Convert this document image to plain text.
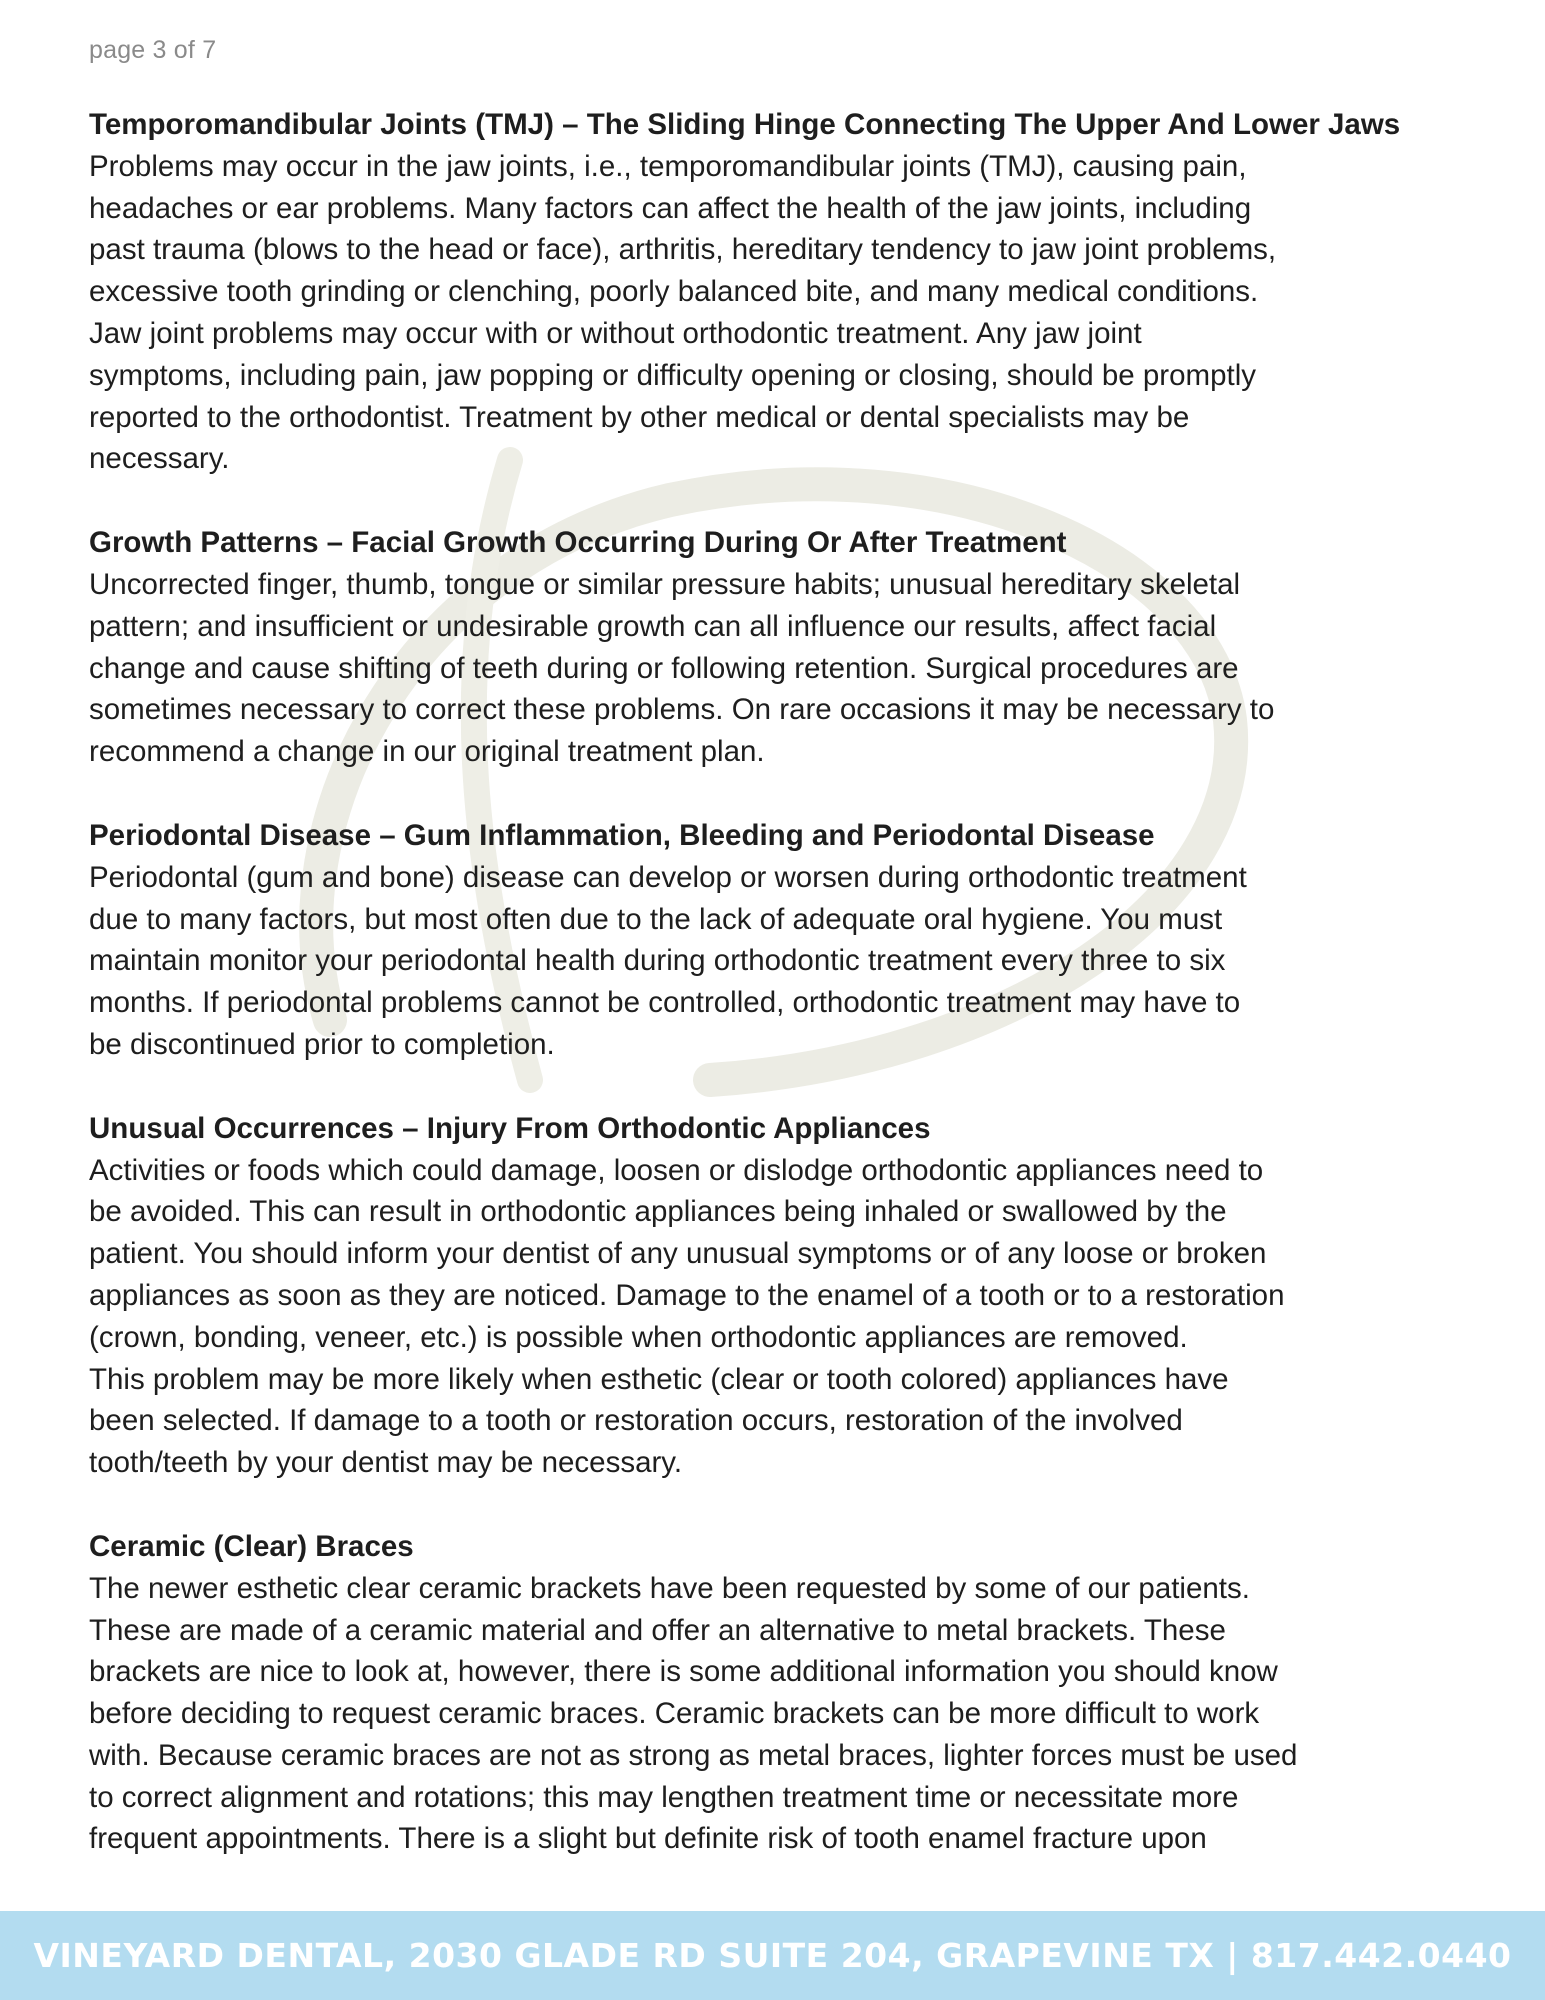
page 3 of 7

Temporomandibular Joints (TMJ) – The Sliding Hinge Connecting The Upper And Lower Jaws

Problems may occur in the jaw joints, i.e., temporomandibular joints (TMJ), causing pain,
headaches or ear problems. Many factors can affect the health of the jaw joints, including
past trauma (blows to the head or face), arthritis, hereditary tendency to jaw joint problems,
excessive tooth grinding or clenching, poorly balanced bite, and many medical conditions.
Jaw joint problems may occur with or without orthodontic treatment. Any jaw joint
symptoms, including pain, jaw popping or difficulty opening or closing, should be promptly
reported to the orthodontist. Treatment by other medical or dental specialists may be
necessary.

Growth Patterns – Facial Growth Occurring During Or After Treatment

Uncorrected finger, thumb, tongue or similar pressure habits; unusual hereditary skeletal
pattern; and insufficient or undesirable growth can all influence our results, affect facial
change and cause shifting of teeth during or following retention. Surgical procedures are
sometimes necessary to correct these problems. On rare occasions it may be necessary to
recommend a change in our original treatment plan.

Periodontal Disease – Gum Inflammation, Bleeding and Periodontal Disease

Periodontal (gum and bone) disease can develop or worsen during orthodontic treatment
due to many factors, but most often due to the lack of adequate oral hygiene. You must
maintain monitor your periodontal health during orthodontic treatment every three to six
months. If periodontal problems cannot be controlled, orthodontic treatment may have to
be discontinued prior to completion.

Unusual Occurrences – Injury From Orthodontic Appliances

Activities or foods which could damage, loosen or dislodge orthodontic appliances need to
be avoided. This can result in orthodontic appliances being inhaled or swallowed by the
patient. You should inform your dentist of any unusual symptoms or of any loose or broken
appliances as soon as they are noticed. Damage to the enamel of a tooth or to a restoration
(crown, bonding, veneer, etc.) is possible when orthodontic appliances are removed.
This problem may be more likely when esthetic (clear or tooth colored) appliances have
been selected. If damage to a tooth or restoration occurs, restoration of the involved
tooth/teeth by your dentist may be necessary.

Ceramic (Clear) Braces

The newer esthetic clear ceramic brackets have been requested by some of our patients.
These are made of a ceramic material and offer an alternative to metal brackets. These
brackets are nice to look at, however, there is some additional information you should know
before deciding to request ceramic braces. Ceramic brackets can be more difficult to work
with. Because ceramic braces are not as strong as metal braces, lighter forces must be used
to correct alignment and rotations; this may lengthen treatment time or necessitate more
frequent appointments. There is a slight but definite risk of tooth enamel fracture upon

VINEYARD DENTAL, 2030 GLADE RD SUITE 204, GRAPEVINE TX | 817.442.0440
